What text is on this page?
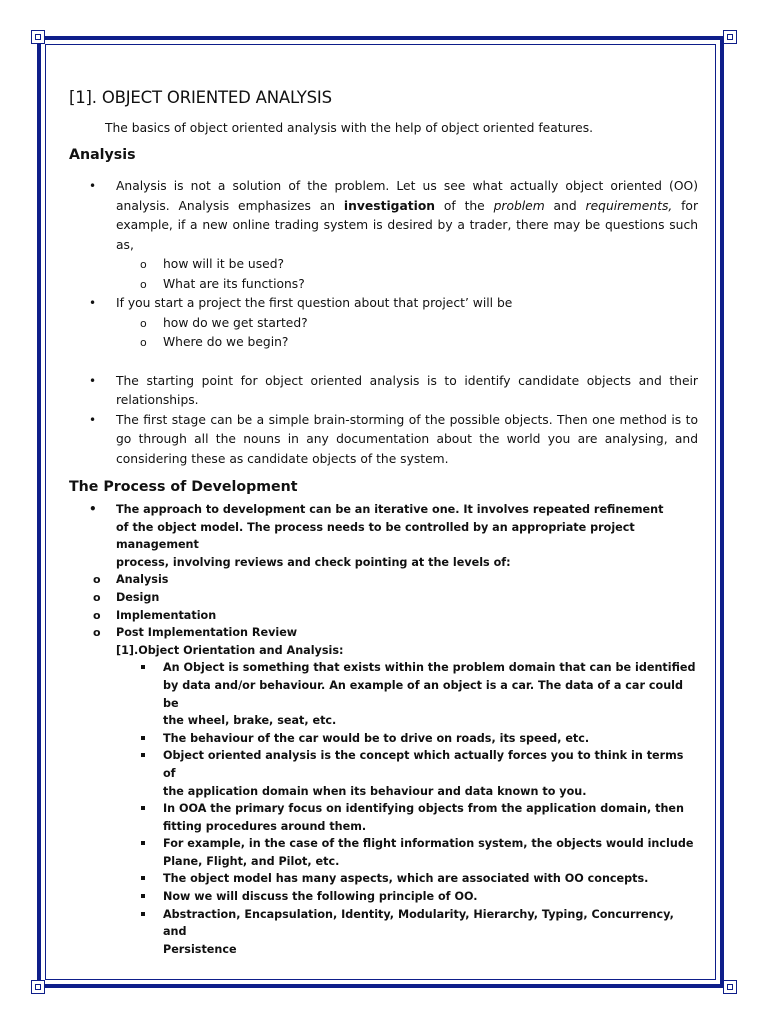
[1]. OBJECT ORIENTED ANALYSIS

The basics of object oriented analysis with the help of object oriented features.

Analysis
• Analysis is not a solution of the problem. Let us see what actually object oriented (OO) analysis. Analysis emphasizes an investigation of the problem and requirements, for example, if a new online trading system is desired by a trader, there may be questions such as,
o how will it be used?
o What are its functions?
• If you start a project the first question about that project’ will be
o how do we get started?
o Where do we begin?
• The starting point for object oriented analysis is to identify candidate objects and their relationships.
• The first stage can be a simple brain-storming of the possible objects. Then one method is to go through all the nouns in any documentation about the world you are analysing, and considering these as candidate objects of the system.
The Process of Development
• The approach to development can be an iterative one. It involves repeated refinement
of the object model. The process needs to be controlled by an appropriate project management
process, involving reviews and check pointing at the levels of:
o Analysis
o Design
o Implementation
o Post Implementation Review
[1].Object Orientation and Analysis:
An Object is something that exists within the problem domain that can be identified
by data and/or behaviour. An example of an object is a car. The data of a car could be
the wheel, brake, seat, etc.
The behaviour of the car would be to drive on roads, its speed, etc.
Object oriented analysis is the concept which actually forces you to think in terms of
the application domain when its behaviour and data known to you.
In OOA the primary focus on identifying objects from the application domain, then
fitting procedures around them.
For example, in the case of the flight information system, the objects would include
Plane, Flight, and Pilot, etc.
The object model has many aspects, which are associated with OO concepts.
Now we will discuss the following principle of OO.
Abstraction, Encapsulation, Identity, Modularity, Hierarchy, Typing, Concurrency, and
Persistence
